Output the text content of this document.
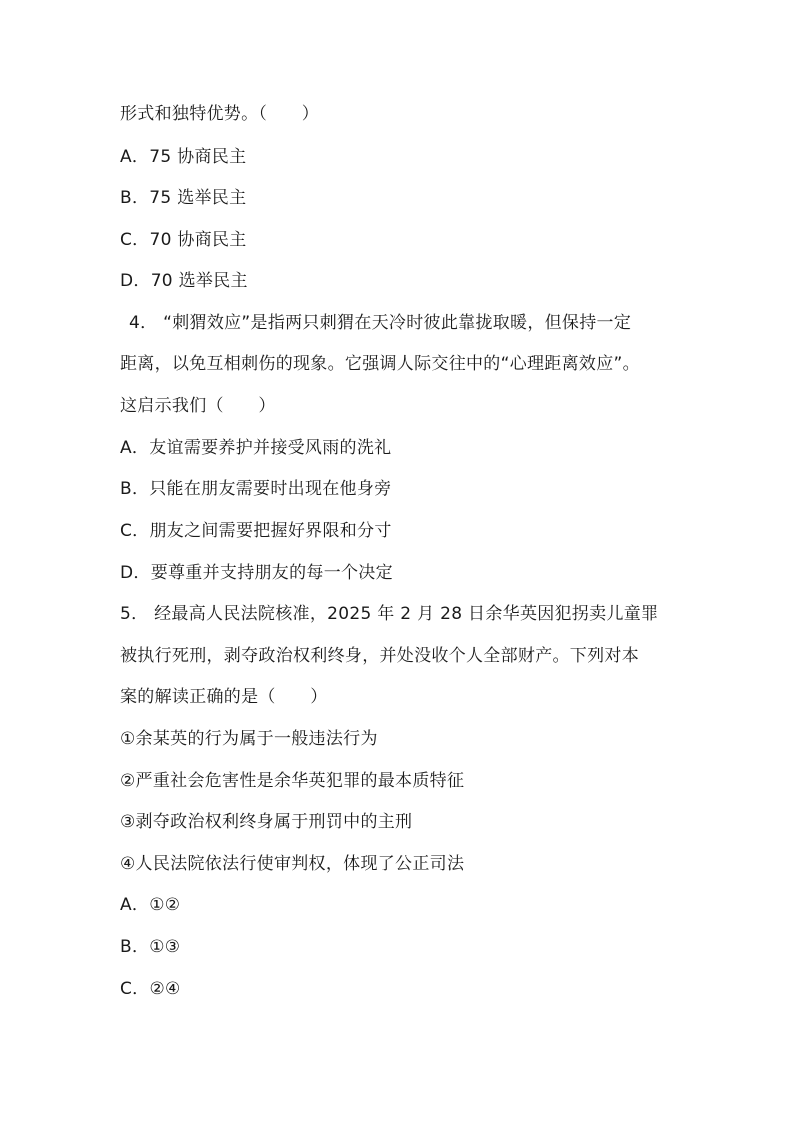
形式和独特优势。（　　）
A．75 协商民主
B．75 选举民主
C．70 协商民主
D．70 选举民主
4． “刺猬效应”是指两只刺猬在天冷时彼此靠拢取暖，但保持一定
距离，以免互相刺伤的现象。它强调人际交往中的“心理距离效应”。
这启示我们（　　）
A．友谊需要养护并接受风雨的洗礼
B．只能在朋友需要时出现在他身旁
C．朋友之间需要把握好界限和分寸
D．要尊重并支持朋友的每一个决定
5． 经最高人民法院核准，2025 年 2 月 28 日余华英因犯拐卖儿童罪
被执行死刑，剥夺政治权利终身，并处没收个人全部财产。下列对本
案的解读正确的是（　　）
①余某英的行为属于一般违法行为
②严重社会危害性是余华英犯罪的最本质特征
③剥夺政治权利终身属于刑罚中的主刑
④人民法院依法行使审判权，体现了公正司法
A．①②
B．①③
C．②④
